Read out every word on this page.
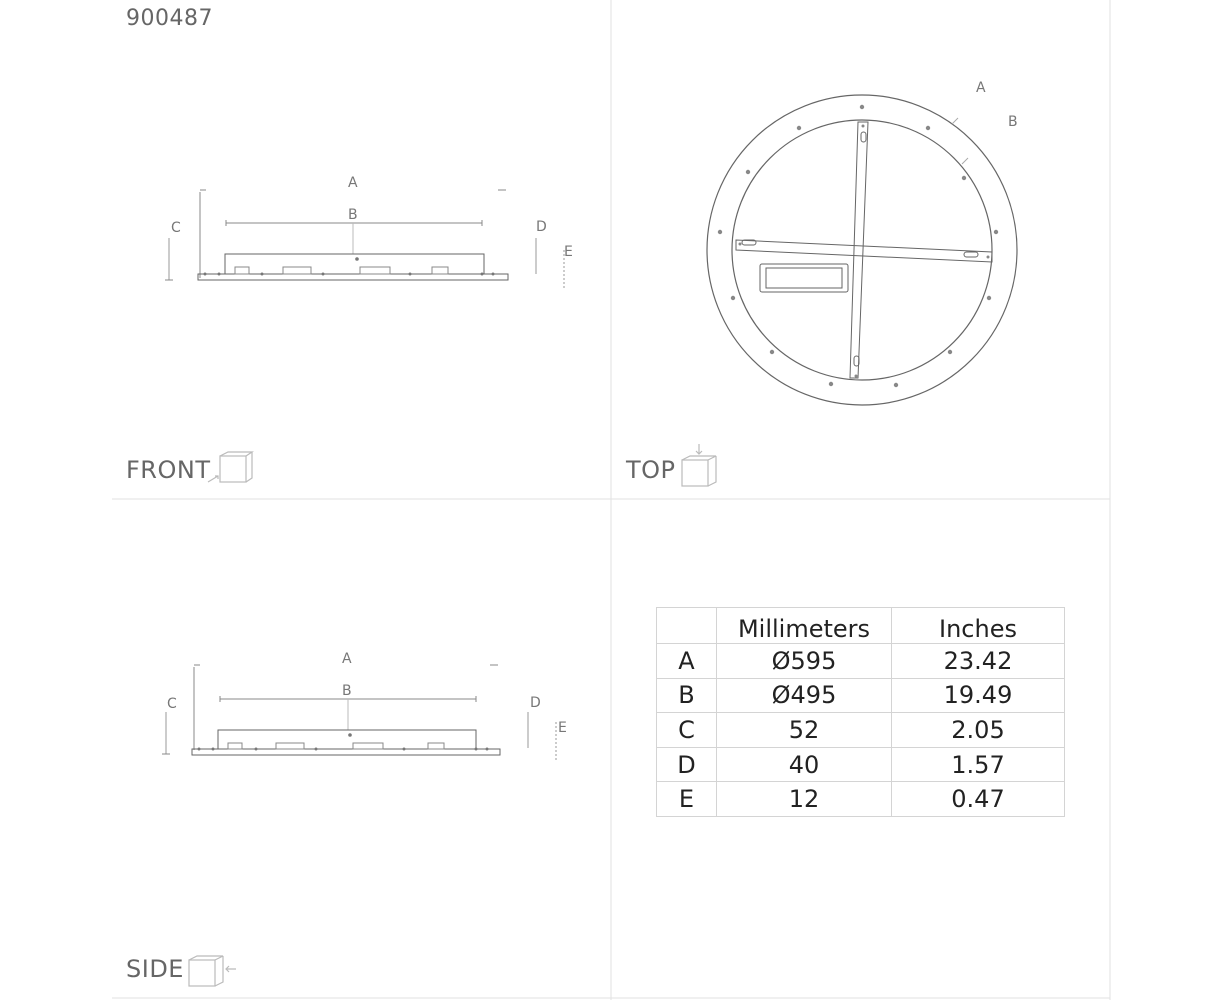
900487
A
B
C	D
E
FRONT
A
B
TOP
A
B
C	D
E
SIDE
	Millimeters	Inches
A	Ø595	23.42
B	Ø495	19.49
C	52	2.05
D	40	1.57
E	12	0.47
